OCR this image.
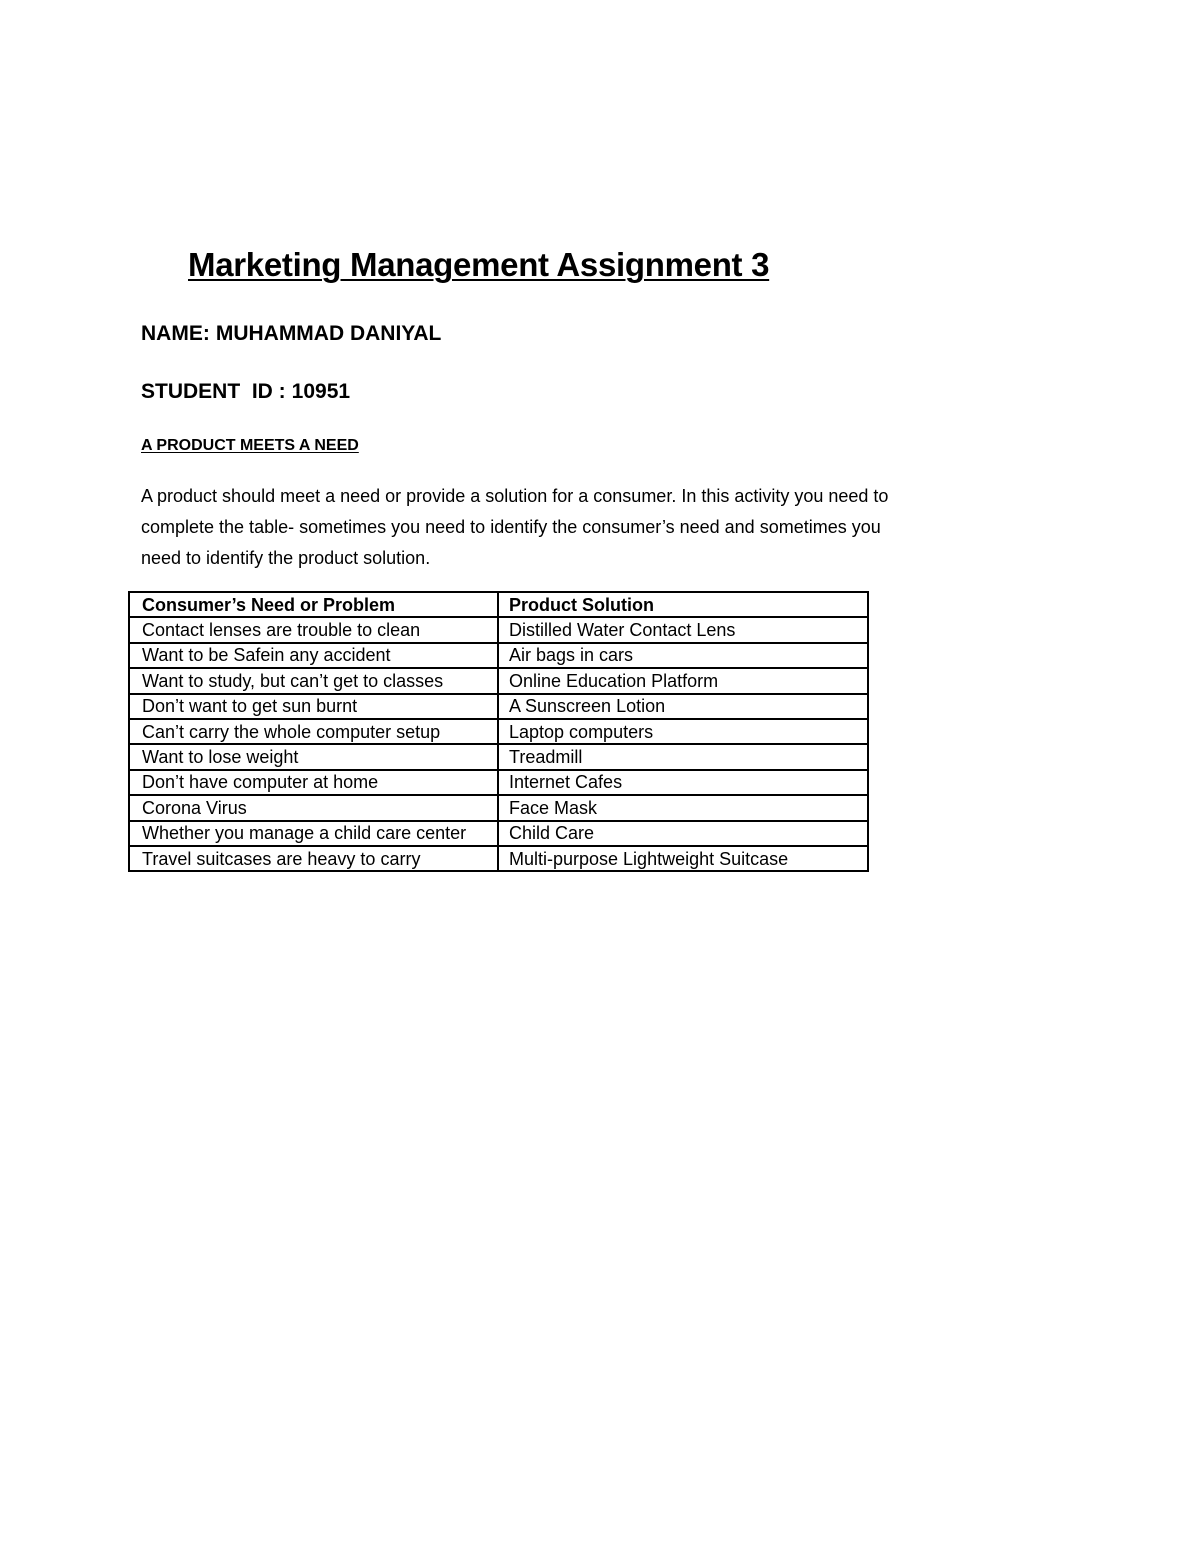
Marketing Management Assignment 3

NAME: MUHAMMAD DANIYAL

STUDENT  ID : 10951

A PRODUCT MEETS A NEED

A product should meet a need or provide a solution for a consumer. In this activity you need to
complete the table- sometimes you need to identify the consumer’s need and sometimes you
need to identify the product solution.

Consumer’s Need or Problem	Product Solution
Contact lenses are trouble to clean	Distilled Water Contact Lens
Want to be Safein any accident	Air bags in cars
Want to study, but can’t get to classes	Online Education Platform
Don’t want to get sun burnt	A Sunscreen Lotion
Can’t carry the whole computer setup	Laptop computers
Want to lose weight	Treadmill
Don’t have computer at home	Internet Cafes
Corona Virus	Face Mask
Whether you manage a child care center	Child Care
Travel suitcases are heavy to carry	Multi-purpose Lightweight Suitcase
